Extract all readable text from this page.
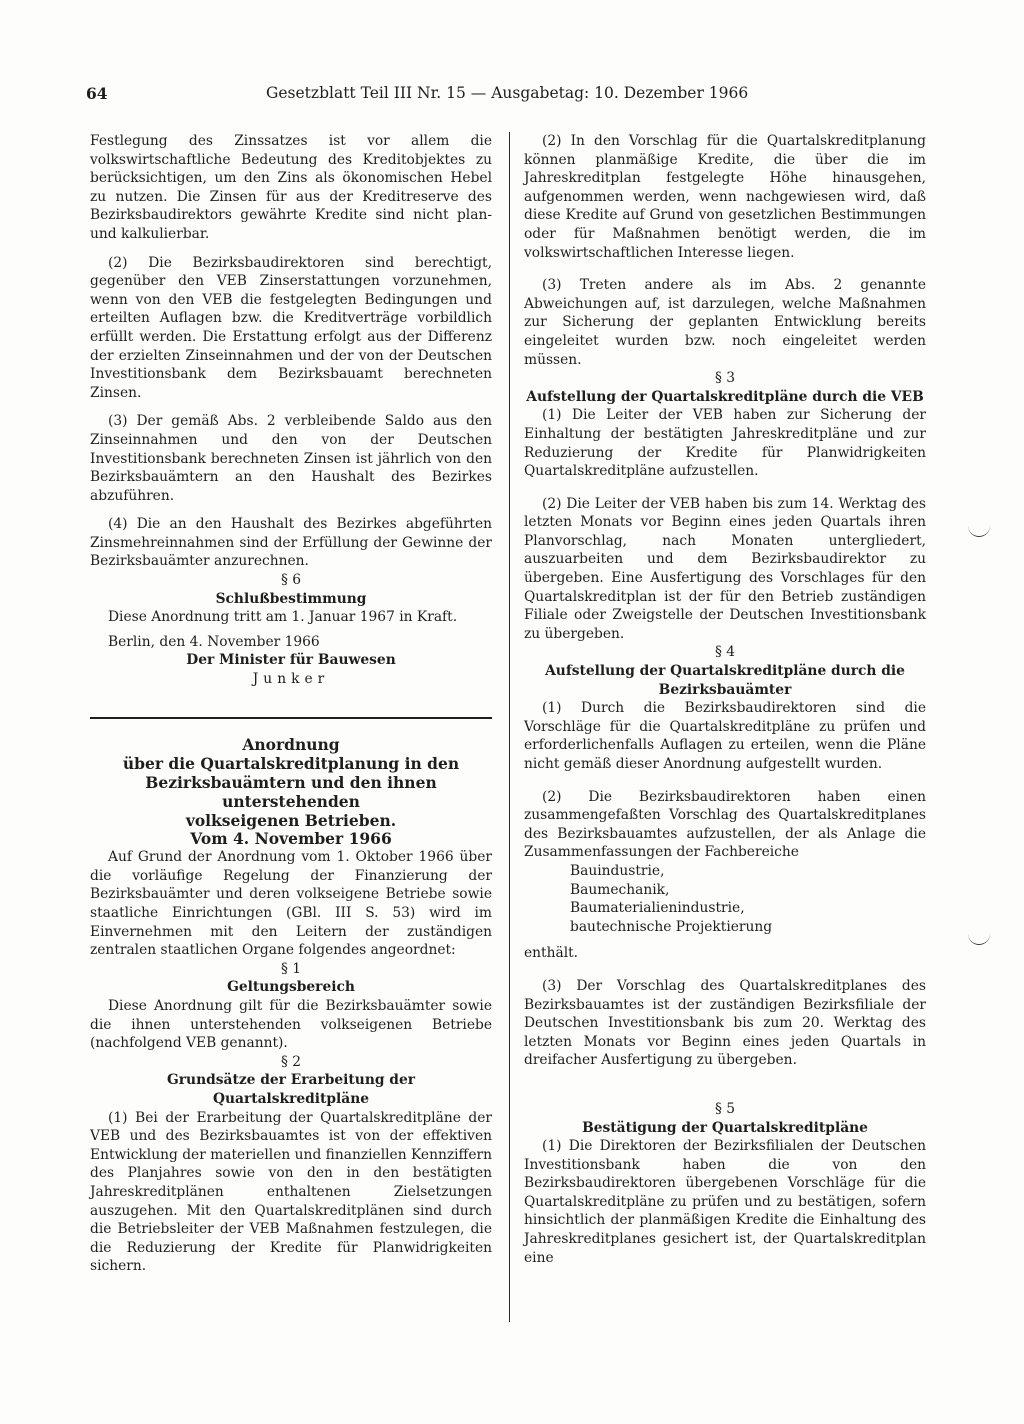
64	Gesetzblatt Teil III Nr. 15 — Ausgabetag: 10. Dezember 1966

Festlegung des Zinssatzes ist vor allem die volkswirtschaftliche Bedeutung des Kreditobjektes zu berücksichtigen, um den Zins als ökonomischen Hebel zu nutzen. Die Zinsen für aus der Kreditreserve des Bezirksbaudirektors gewährte Kredite sind nicht plan- und kalkulierbar.

(2) Die Bezirksbaudirektoren sind berechtigt, gegenüber den VEB Zinserstattungen vorzunehmen, wenn von den VEB die festgelegten Bedingungen und erteilten Auflagen bzw. die Kreditverträge vorbildlich erfüllt werden. Die Erstattung erfolgt aus der Differenz der erzielten Zinseinnahmen und der von der Deutschen Investitionsbank dem Bezirksbauamt berechneten Zinsen.

(3) Der gemäß Abs. 2 verbleibende Saldo aus den Zinseinnahmen und den von der Deutschen Investitionsbank berechneten Zinsen ist jährlich von den Bezirksbauämtern an den Haushalt des Bezirkes abzuführen.

(4) Die an den Haushalt des Bezirkes abgeführten Zinsmehreinnahmen sind der Erfüllung der Gewinne der Bezirksbauämter anzurechnen.

§ 6

Schlußbestimmung

Diese Anordnung tritt am 1. Januar 1967 in Kraft.

Berlin, den 4. November 1966

Der Minister für Bauwesen

Junker

Anordnung

über die Quartalskreditplanung in den

Bezirksbauämtern und den ihnen unterstehenden

volkseigenen Betrieben.

Vom 4. November 1966

Auf Grund der Anordnung vom 1. Oktober 1966 über die vorläufige Regelung der Finanzierung der Bezirksbauämter und deren volkseigene Betriebe sowie staatliche Einrichtungen (GBl. III S. 53) wird im Einvernehmen mit den Leitern der zuständigen zentralen staatlichen Organe folgendes angeordnet:

§ 1

Geltungsbereich

Diese Anordnung gilt für die Bezirksbauämter sowie die ihnen unterstehenden volkseigenen Betriebe (nachfolgend VEB genannt).

§ 2

Grundsätze der Erarbeitung der

Quartalskreditpläne

(1) Bei der Erarbeitung der Quartalskreditpläne der VEB und des Bezirksbauamtes ist von der effektiven Entwicklung der materiellen und finanziellen Kennziffern des Planjahres sowie von den in den bestätigten Jahreskreditplänen enthaltenen Zielsetzungen auszugehen. Mit den Quartalskreditplänen sind durch die Betriebsleiter der VEB Maßnahmen festzulegen, die die Reduzierung der Kredite für Planwidrigkeiten sichern.

(2) In den Vorschlag für die Quartalskreditplanung können planmäßige Kredite, die über die im Jahreskreditplan festgelegte Höhe hinausgehen, aufgenommen werden, wenn nachgewiesen wird, daß diese Kredite auf Grund von gesetzlichen Bestimmungen oder für Maßnahmen benötigt werden, die im volkswirtschaftlichen Interesse liegen.

(3) Treten andere als im Abs. 2 genannte Abweichungen auf, ist darzulegen, welche Maßnahmen zur Sicherung der geplanten Entwicklung bereits eingeleitet wurden bzw. noch eingeleitet werden müssen.

§ 3

Aufstellung der Quartalskreditpläne durch die VEB

(1) Die Leiter der VEB haben zur Sicherung der Einhaltung der bestätigten Jahreskreditpläne und zur Reduzierung der Kredite für Planwidrigkeiten Quartalskreditpläne aufzustellen.

(2) Die Leiter der VEB haben bis zum 14. Werktag des letzten Monats vor Beginn eines jeden Quartals ihren Planvorschlag, nach Monaten untergliedert, auszuarbeiten und dem Bezirksbaudirektor zu übergeben. Eine Ausfertigung des Vorschlages für den Quartalskreditplan ist der für den Betrieb zuständigen Filiale oder Zweigstelle der Deutschen Investitionsbank zu übergeben.

§ 4

Aufstellung der Quartalskreditpläne durch die

Bezirksbauämter

(1) Durch die Bezirksbaudirektoren sind die Vorschläge für die Quartalskreditpläne zu prüfen und erforderlichenfalls Auflagen zu erteilen, wenn die Pläne nicht gemäß dieser Anordnung aufgestellt wurden.

(2) Die Bezirksbaudirektoren haben einen zusammengefaßten Vorschlag des Quartalskreditplanes des Bezirksbauamtes aufzustellen, der als Anlage die Zusammenfassungen der Fachbereiche

Bauindustrie,

Baumechanik,

Baumaterialienindustrie,

bautechnische Projektierung

enthält.

(3) Der Vorschlag des Quartalskreditplanes des Bezirksbauamtes ist der zuständigen Bezirksfiliale der Deutschen Investitionsbank bis zum 20. Werktag des letzten Monats vor Beginn eines jeden Quartals in dreifacher Ausfertigung zu übergeben.

§ 5

Bestätigung der Quartalskreditpläne

(1) Die Direktoren der Bezirksfilialen der Deutschen Investitionsbank haben die von den Bezirksbaudirektoren übergebenen Vorschläge für die Quartalskreditpläne zu prüfen und zu bestätigen, sofern hinsichtlich der planmäßigen Kredite die Einhaltung des Jahreskreditplanes gesichert ist, der Quartalskreditplan eine
